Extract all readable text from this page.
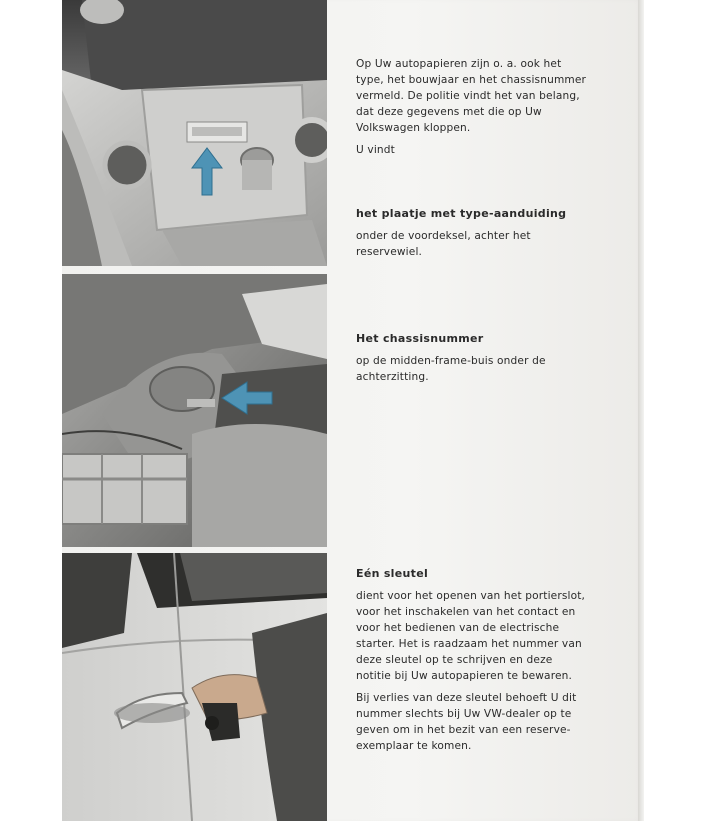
Op Uw autopapieren zijn o. a. ook het type, het bouwjaar en het chassisnummer vermeld. De politie vindt het van belang, dat deze gegevens met die op Uw Volkswagen kloppen.

U vindt

het plaatje met type-aanduiding

onder de voordeksel, achter het reservewiel.

Het chassisnummer

op de midden-frame-buis onder de achterzitting.

Eén sleutel

dient voor het openen van het portierslot, voor het inschakelen van het contact en voor het bedienen van de electrische starter. Het is raadzaam het nummer van deze sleutel op te schrijven en deze notitie bij Uw autopapieren te bewaren.

Bij verlies van deze sleutel behoeft U dit nummer slechts bij Uw VW-dealer op te geven om in het bezit van een reserve-exemplaar te komen.
